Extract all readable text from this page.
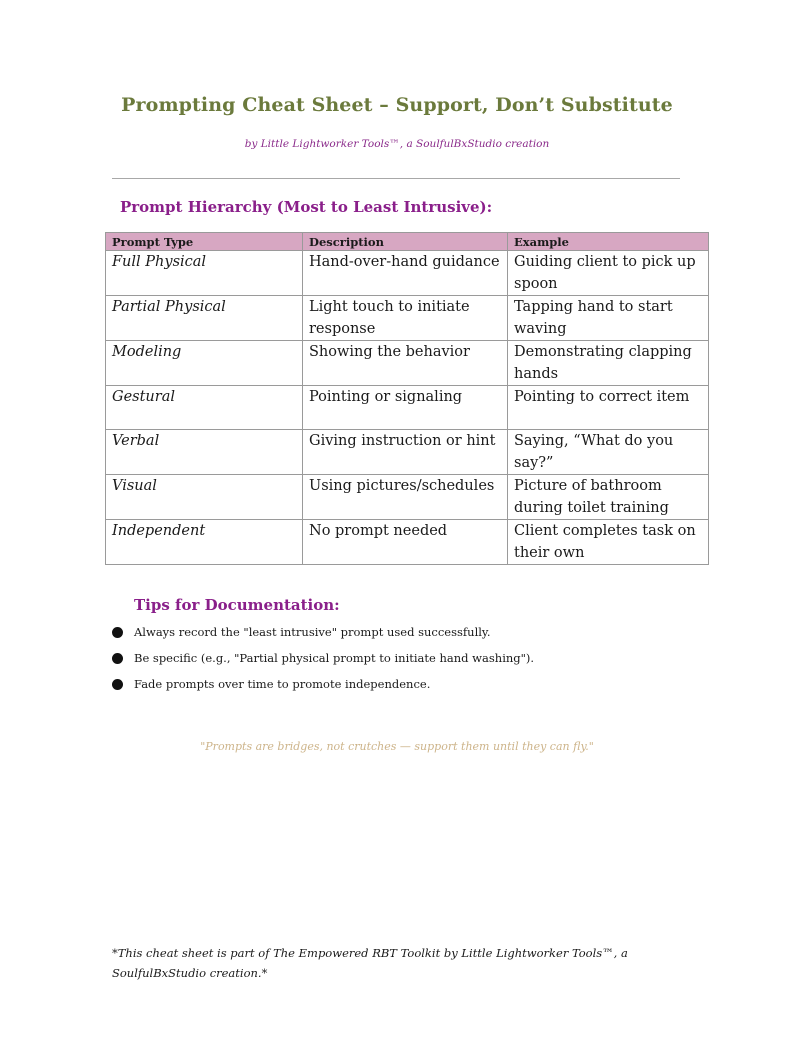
Prompting Cheat Sheet – Support, Don’t Substitute
by Little Lightworker Tools™, a SoulfulBxStudio creation
Prompt Hierarchy (Most to Least Intrusive):
Prompt Type	Description	Example
Full Physical	Hand-over-hand guidance	Guiding client to pick up spoon
Partial Physical	Light touch to initiate response	Tapping hand to start waving
Modeling	Showing the behavior	Demonstrating clapping hands
Gestural	Pointing or signaling	Pointing to correct item
Verbal	Giving instruction or hint	Saying, “What do you say?”
Visual	Using pictures/schedules	Picture of bathroom during toilet training
Independent	No prompt needed	Client completes task on their own
Tips for Documentation:
Always record the "least intrusive" prompt used successfully.
Be specific (e.g., "Partial physical prompt to initiate hand washing").
Fade prompts over time to promote independence.
"Prompts are bridges, not crutches — support them until they can fly."
*This cheat sheet is part of The Empowered RBT Toolkit by Little Lightworker Tools™, a SoulfulBxStudio creation.*
